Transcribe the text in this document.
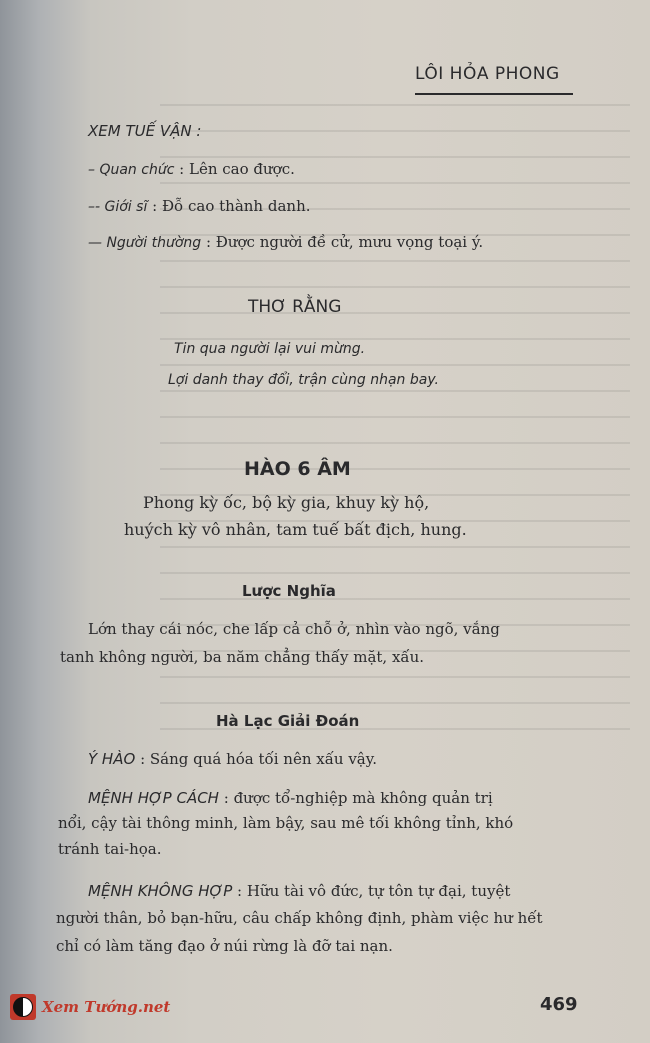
LÔI HỎA PHONG
XEM TUẾ VẬN :
– Quan chức : Lên cao được.
–- Giới sĩ : Đỗ cao thành danh.
— Người thường : Được người đề cử, mưu vọng toại ý.
THƠ RẰNG
Tin qua người lại vui mừng.
Lợi danh thay đổi, trận cùng nhạn bay.
HÀO 6 ÂM
Phong kỳ ốc, bộ kỳ gia, khuy kỳ hộ,
huých kỳ vô nhân, tam tuế bất địch, hung.
Lược Nghĩa
Lớn thay cái nóc, che lấp cả chỗ ở, nhìn vào ngõ, vắng
tanh không người, ba năm chẳng thấy mặt, xấu.
Hà Lạc Giải Đoán
Ý HÀO : Sáng quá hóa tối nên xấu vậy.
MỆNH HỢP CÁCH : được tổ-nghiệp mà không quản trị
nổi, cậy tài thông minh, làm bậy, sau mê tối không tỉnh, khó
tránh tai-họa.
MỆNH KHÔNG HỢP : Hữu tài vô đức, tự tôn tự đại, tuyệt
người thân, bỏ bạn-hữu, câu chấp không định, phàm việc hư hết
chỉ có làm tăng đạo ở núi rừng là đỡ tai nạn.
Xem Tướng.net	469
